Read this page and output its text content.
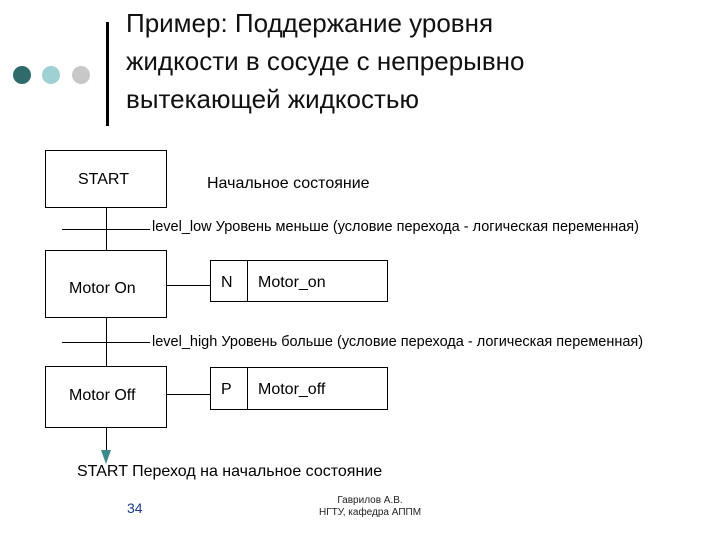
Пример: Поддержание уровня
жидкости в сосуде с непрерывно
вытекающей жидкостью
START	Начальное состояние
level_low Уровень меньше (условие перехода - логическая переменная)
Motor On	N Motor_on
level_high Уровень больше (условие перехода - логическая переменная)
Motor Off	P Motor_off
START Переход на начальное состояние
34	Гаврилов А.В.
НГТУ, кафедра АППМ
